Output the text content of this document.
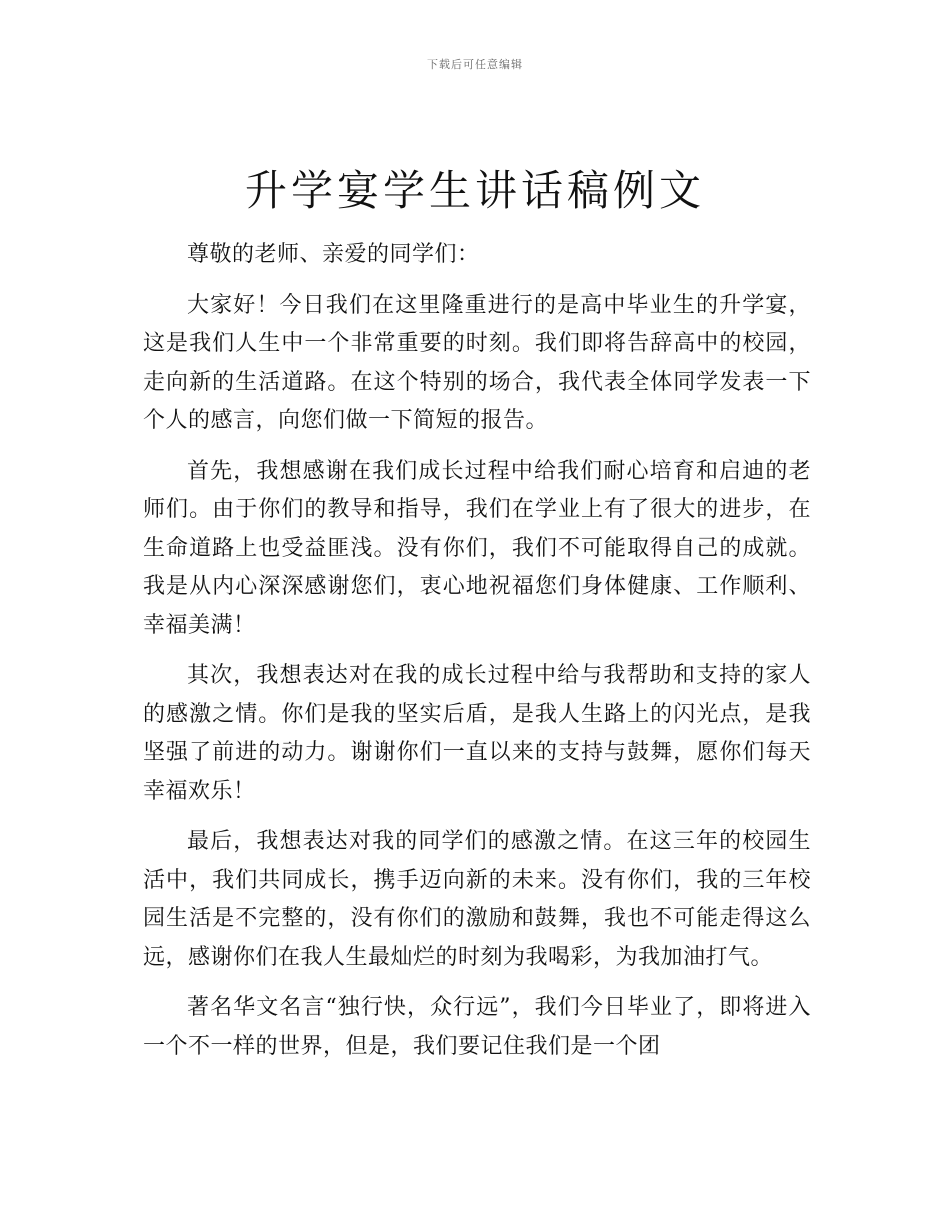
下载后可任意编辑
升学宴学生讲话稿例文

尊敬的老师、亲爱的同学们：

大家好！今日我们在这里隆重进行的是高中毕业生的升学宴，这是我们人生中一个非常重要的时刻。我们即将告辞高中的校园，走向新的生活道路。在这个特别的场合，我代表全体同学发表一下个人的感言，向您们做一下简短的报告。

首先，我想感谢在我们成长过程中给我们耐心培育和启迪的老师们。由于你们的教导和指导，我们在学业上有了很大的进步，在生命道路上也受益匪浅。没有你们，我们不可能取得自己的成就。我是从内心深深感谢您们，衷心地祝福您们身体健康、工作顺利、幸福美满！

其次，我想表达对在我的成长过程中给与我帮助和支持的家人的感激之情。你们是我的坚实后盾，是我人生路上的闪光点，是我坚强了前进的动力。谢谢你们一直以来的支持与鼓舞，愿你们每天幸福欢乐！

最后，我想表达对我的同学们的感激之情。在这三年的校园生活中，我们共同成长，携手迈向新的未来。没有你们，我的三年校园生活是不完整的，没有你们的激励和鼓舞，我也不可能走得这么远，感谢你们在我人生最灿烂的时刻为我喝彩，为我加油打气。

著名华文名言“独行快，众行远”，我们今日毕业了，即将进入一个不一样的世界，但是，我们要记住我们是一个团
